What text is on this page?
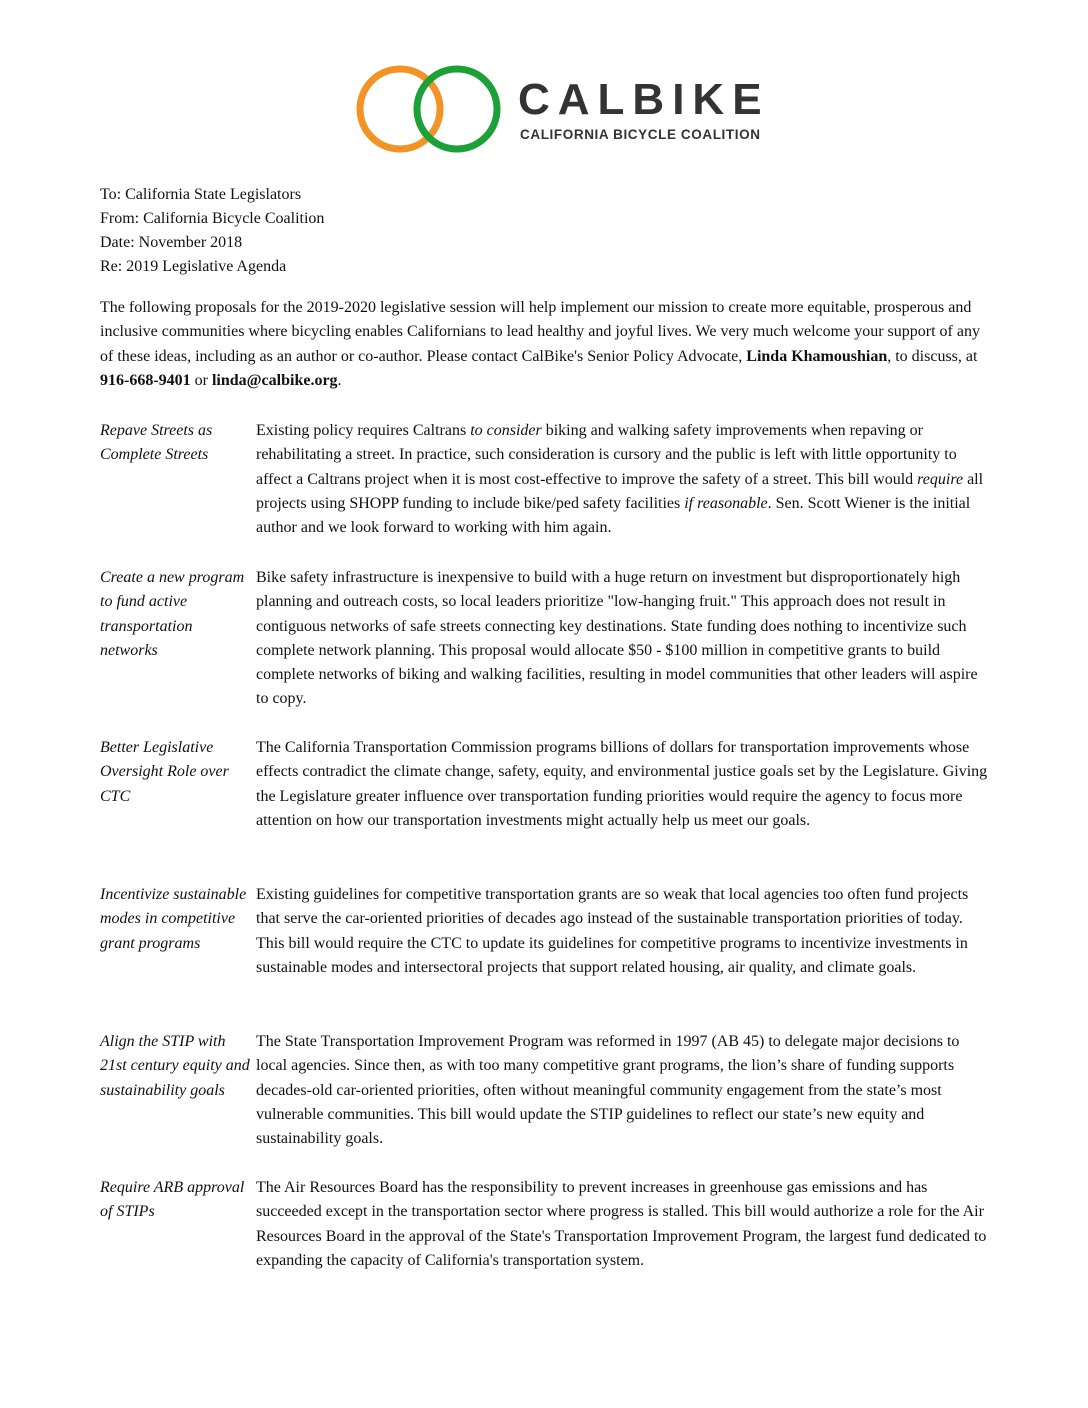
CALBIKE
CALIFORNIA BICYCLE COALITION
To: California State Legislators
From: California Bicycle Coalition
Date: November 2018
Re: 2019 Legislative Agenda
The following proposals for the 2019-2020 legislative session will help implement our mission to create more equitable, prosperous and inclusive communities where bicycling enables Californians to lead healthy and joyful lives. We very much welcome your support of any of these ideas, including as an author or co-author. Please contact CalBike's Senior Policy Advocate, Linda Khamoushian, to discuss, at 916-668-9401 or linda@calbike.org.
Repave Streets as Complete Streets
Existing policy requires Caltrans to consider biking and walking safety improvements when repaving or rehabilitating a street. In practice, such consideration is cursory and the public is left with little opportunity to affect a Caltrans project when it is most cost-effective to improve the safety of a street. This bill would require all projects using SHOPP funding to include bike/ped safety facilities if reasonable. Sen. Scott Wiener is the initial author and we look forward to working with him again.
Create a new program to fund active transportation networks
Bike safety infrastructure is inexpensive to build with a huge return on investment but disproportionately high planning and outreach costs, so local leaders prioritize "low-hanging fruit." This approach does not result in contiguous networks of safe streets connecting key destinations. State funding does nothing to incentivize such complete network planning. This proposal would allocate $50 - $100 million in competitive grants to build complete networks of biking and walking facilities, resulting in model communities that other leaders will aspire to copy.
Better Legislative Oversight Role over CTC
The California Transportation Commission programs billions of dollars for transportation improvements whose effects contradict the climate change, safety, equity, and environmental justice goals set by the Legislature. Giving the Legislature greater influence over transportation funding priorities would require the agency to focus more attention on how our transportation investments might actually help us meet our goals.
Incentivize sustainable modes in competitive grant programs
Existing guidelines for competitive transportation grants are so weak that local agencies too often fund projects that serve the car-oriented priorities of decades ago instead of the sustainable transportation priorities of today. This bill would require the CTC to update its guidelines for competitive programs to incentivize investments in sustainable modes and intersectoral projects that support related housing, air quality, and climate goals.
Align the STIP with 21st century equity and sustainability goals
The State Transportation Improvement Program was reformed in 1997 (AB 45) to delegate major decisions to local agencies. Since then, as with too many competitive grant programs, the lion’s share of funding supports decades-old car-oriented priorities, often without meaningful community engagement from the state’s most vulnerable communities. This bill would update the STIP guidelines to reflect our state’s new equity and sustainability goals.
Require ARB approval of STIPs
The Air Resources Board has the responsibility to prevent increases in greenhouse gas emissions and has succeeded except in the transportation sector where progress is stalled. This bill would authorize a role for the Air Resources Board in the approval of the State's Transportation Improvement Program, the largest fund dedicated to expanding the capacity of California's transportation system.
